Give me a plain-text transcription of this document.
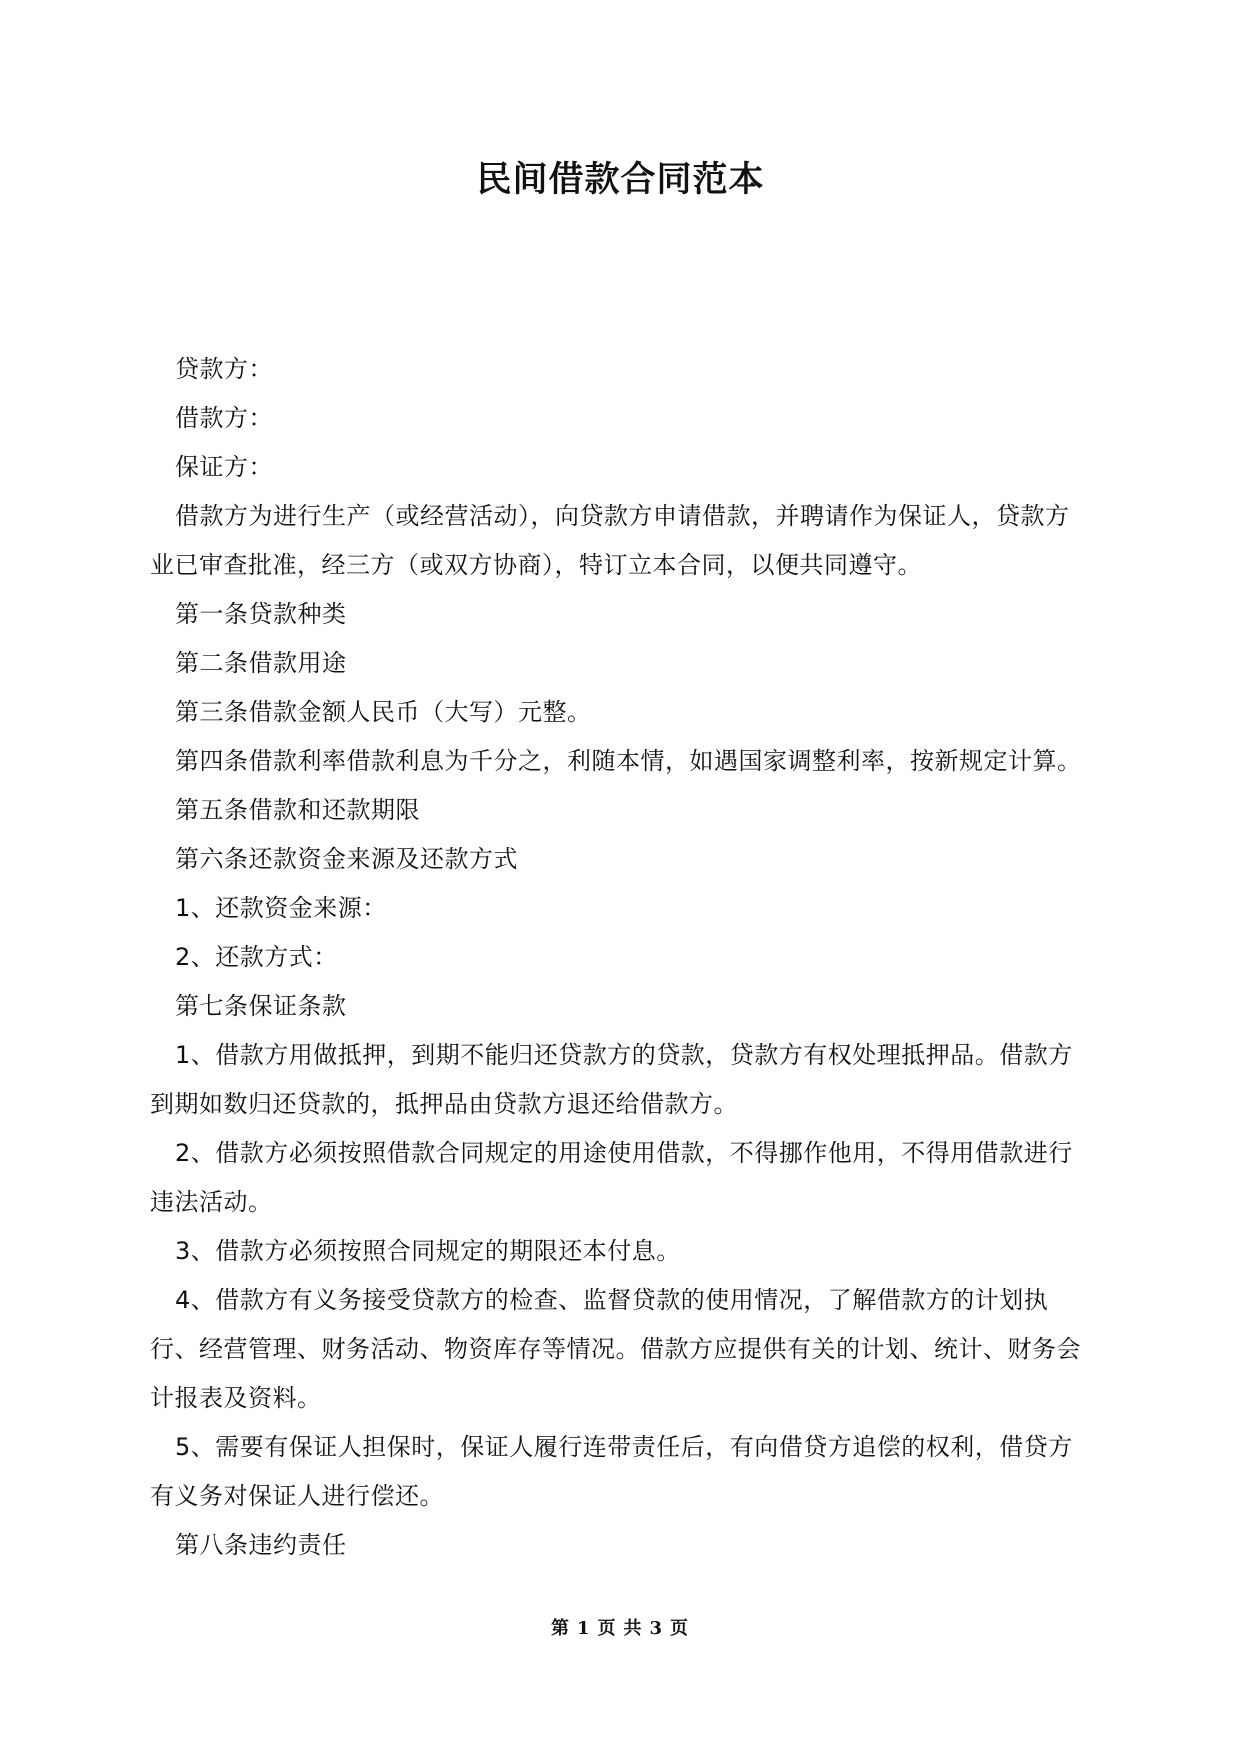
民间借款合同范本

贷款方：

借款方：

保证方：

借款方为进行生产（或经营活动），向贷款方申请借款，并聘请作为保证人，贷款方业已审查批准，经三方（或双方协商），特订立本合同，以便共同遵守。

第一条贷款种类

第二条借款用途

第三条借款金额人民币（大写）元整。

第四条借款利率借款利息为千分之，利随本情，如遇国家调整利率，按新规定计算。

第五条借款和还款期限

第六条还款资金来源及还款方式

1、还款资金来源：

2、还款方式：

第七条保证条款

1、借款方用做抵押，到期不能归还贷款方的贷款，贷款方有权处理抵押品。借款方到期如数归还贷款的，抵押品由贷款方退还给借款方。

2、借款方必须按照借款合同规定的用途使用借款，不得挪作他用，不得用借款进行违法活动。

3、借款方必须按照合同规定的期限还本付息。

4、借款方有义务接受贷款方的检查、监督贷款的使用情况，了解借款方的计划执行、经营管理、财务活动、物资库存等情况。借款方应提供有关的计划、统计、财务会计报表及资料。

5、需要有保证人担保时，保证人履行连带责任后，有向借贷方追偿的权利，借贷方有义务对保证人进行偿还。

第八条违约责任

第 1 页 共 3 页
